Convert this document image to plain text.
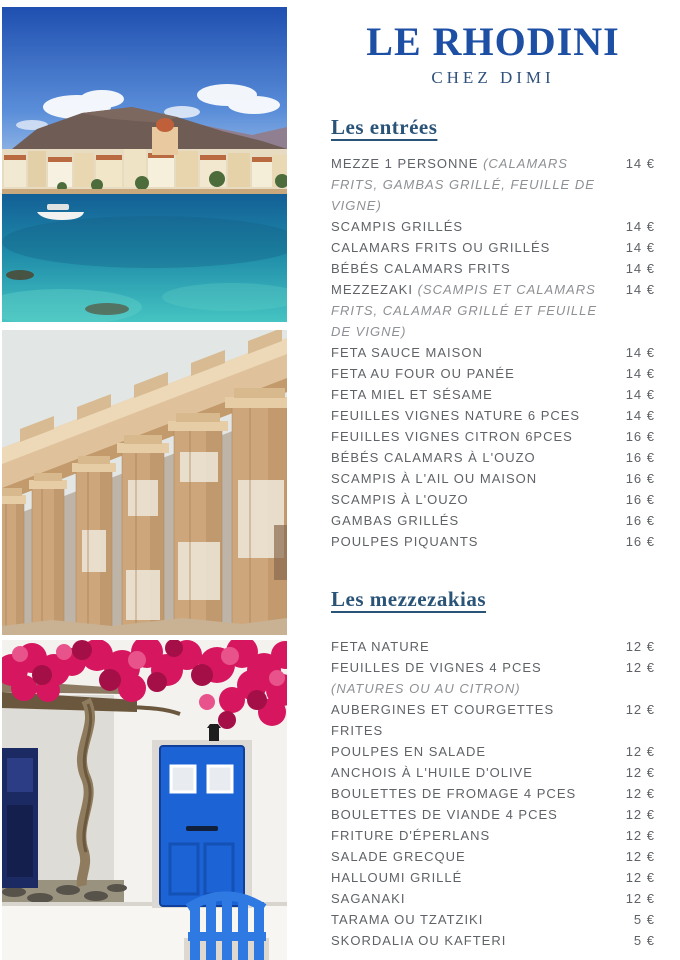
LE RHODINI
CHEZ DIMI
Les entrées
MEZZE 1 PERSONNE (CALAMARS FRITS, GAMBAS GRILLÉ, FEUILLE DE VIGNE)
14 €
SCAMPIS GRILLÉS	14 €
CALAMARS FRITS OU GRILLÉS	14 €
BÉBÉS CALAMARS FRITS	14 €
MEZZEZAKI (SCAMPIS ET CALAMARS FRITS, CALAMAR GRILLÉ ET FEUILLE DE VIGNE)
14 €
FETA SAUCE MAISON	14 €
FETA AU FOUR OU PANÉE	14 €
FETA MIEL ET SÉSAME	14 €
FEUILLES VIGNES NATURE 6 PCES	14 €
FEUILLES VIGNES CITRON 6PCES	16 €
BÉBÉS CALAMARS À L'OUZO	16 €
SCAMPIS À L'AIL OU MAISON	16 €
SCAMPIS À L'OUZO	16 €
GAMBAS GRILLÉS	16 €
POULPES PIQUANTS	16 €
Les mezzezakias
FETA NATURE	12 €
FEUILLES DE VIGNES 4 PCES (NATURES OU AU CITRON)
12 €
AUBERGINES ET COURGETTES FRITES
12 €
POULPES EN SALADE	12 €
ANCHOIS À L'HUILE D'OLIVE	12 €
BOULETTES DE FROMAGE 4 PCES	12 €
BOULETTES DE VIANDE 4 PCES	12 €
FRITURE D'ÉPERLANS	12 €
SALADE GRECQUE	12 €
HALLOUMI GRILLÉ	12 €
SAGANAKI	12 €
TARAMA OU TZATZIKI	5 €
SKORDALIA OU KAFTERI	5 €
